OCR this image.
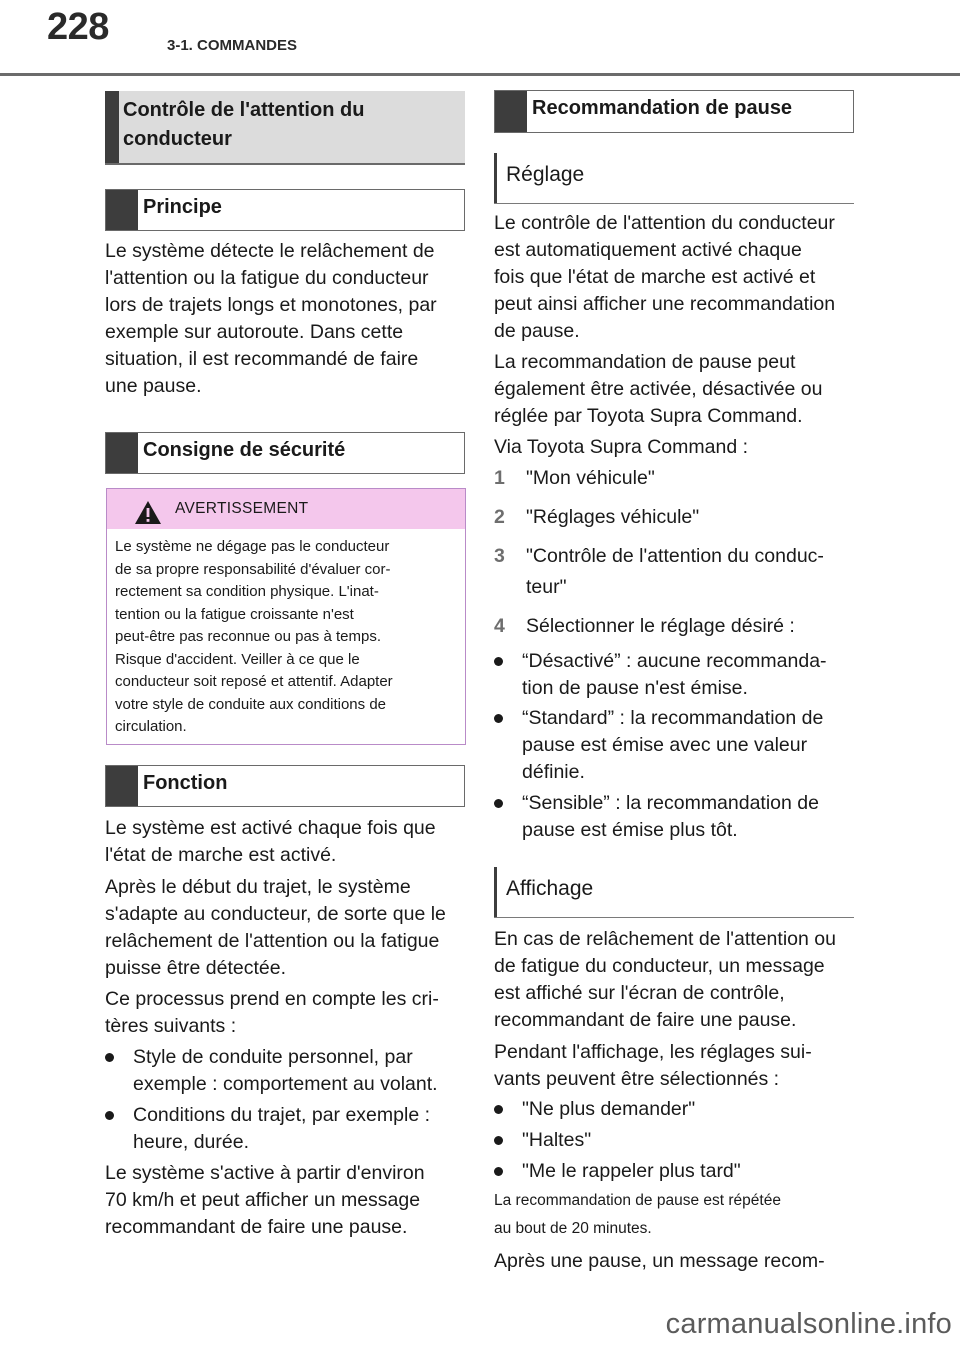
228	3-1. COMMANDES
Contrôle de l'attention du
conducteur
Principe

Le système détecte le relâchement de

l'attention ou la fatigue du conducteur

lors de trajets longs et monotones, par

exemple sur autoroute. Dans cette

situation, il est recommandé de faire

une pause.

Consigne de sécurité
AVERTISSEMENT
Le système ne dégage pas le conducteur
de sa propre responsabilité d'évaluer cor-
rectement sa condition physique. L'inat-
tention ou la fatigue croissante n'est
peut-être pas reconnue ou pas à temps.
Risque d'accident. Veiller à ce que le
conducteur soit reposé et attentif. Adapter
votre style de conduite aux conditions de
circulation.
Fonction

Le système est activé chaque fois que

l'état de marche est activé.

Après le début du trajet, le système

s'adapte au conducteur, de sorte que le

relâchement de l'attention ou la fatigue

puisse être détectée.

Ce processus prend en compte les cri-

tères suivants :

Style de conduite personnel, par
exemple : comportement au volant.
Conditions du trajet, par exemple :
heure, durée.

Le système s'active à partir d'environ

70 km/h et peut afficher un message

recommandant de faire une pause.

Recommandation de pause
Réglage

Le contrôle de l'attention du conducteur

est automatiquement activé chaque

fois que l'état de marche est activé et

peut ainsi afficher une recommandation

de pause.

La recommandation de pause peut

également être activée, désactivée ou

réglée par Toyota Supra Command.

Via Toyota Supra Command :

1 "Mon véhicule"
2 "Réglages véhicule"
3 "Contrôle de l'attention du conduc-
teur"
4 Sélectionner le réglage désiré :
“Désactivé” : aucune recommanda-
tion de pause n'est émise.
“Standard” : la recommandation de
pause est émise avec une valeur
définie.
“Sensible” : la recommandation de
pause est émise plus tôt.
Affichage

En cas de relâchement de l'attention ou

de fatigue du conducteur, un message

est affiché sur l'écran de contrôle,

recommandant de faire une pause.

Pendant l'affichage, les réglages sui-

vants peuvent être sélectionnés :

"Ne plus demander"
"Haltes"
"Me le rappeler plus tard"

La recommandation de pause est répétée

au bout de 20 minutes.

Après une pause, un message recom-

carmanualsonline.info
